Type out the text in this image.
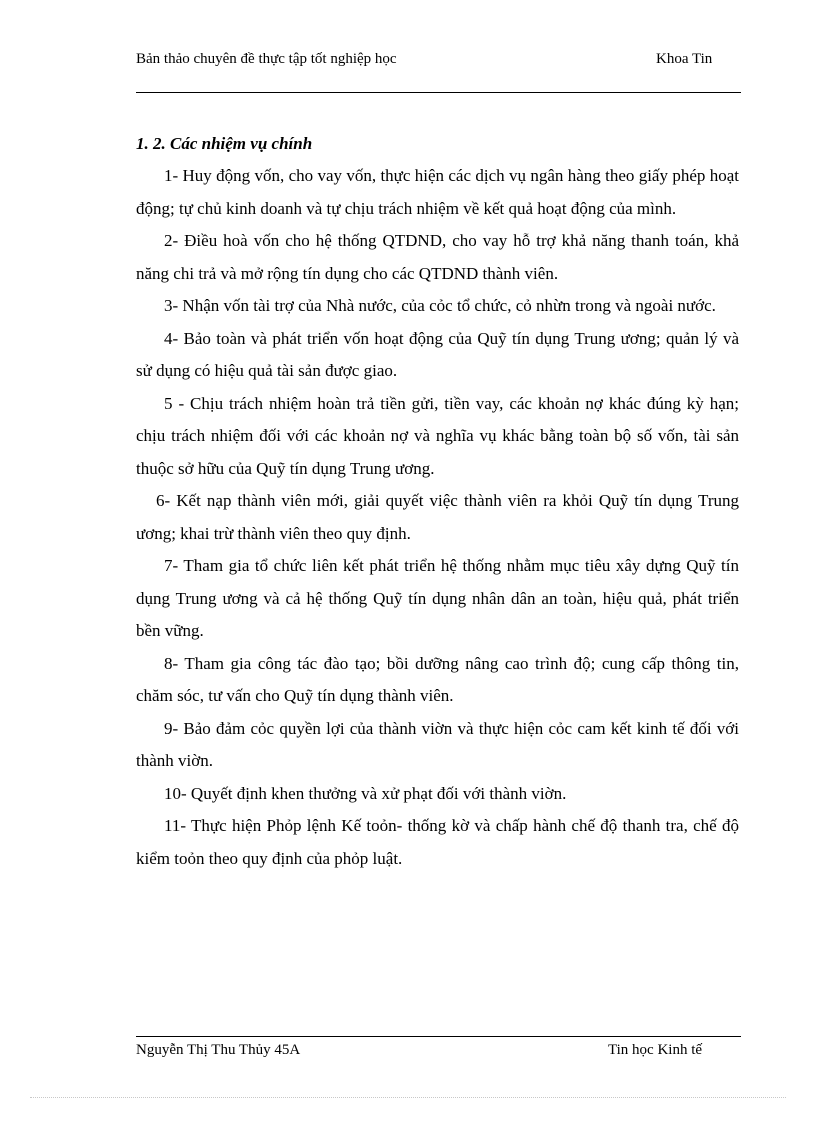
Bản thảo chuyên đề thực tập tốt nghiệp học	Khoa Tin
1. 2. Các nhiệm vụ chính

1- Huy động vốn, cho vay vốn, thực hiện các dịch vụ ngân hàng theo giấy phép hoạt động; tự chủ kinh doanh và tự chịu trách nhiệm về kết quả hoạt động của mình.

2- Điều hoà vốn cho hệ thống QTDND, cho vay hỗ trợ khả năng thanh toán, khả năng chi trả và mở rộng tín dụng cho các QTDND thành viên.

3- Nhận vốn tài trợ của Nhà nước, của cỏc tổ chức, cỏ nhừn trong và ngoài nước.

4- Bảo toàn và phát triển vốn hoạt động của Quỹ tín dụng Trung ương; quản lý và sử dụng có hiệu quả tài sản được giao.

5 - Chịu trách nhiệm hoàn trả tiền gửi, tiền vay, các khoản nợ khác đúng kỳ hạn; chịu trách nhiệm đối với các khoản nợ và nghĩa vụ khác bằng toàn bộ số vốn, tài sản thuộc sở hữu của Quỹ tín dụng Trung ương.

6- Kết nạp thành viên mới, giải quyết việc thành viên ra khỏi Quỹ tín dụng Trung ương; khai trừ thành viên theo quy định.

7- Tham gia tổ chức liên kết phát triển hệ thống nhằm mục tiêu xây dựng Quỹ tín dụng Trung ương và cả hệ thống Quỹ tín dụng nhân dân an toàn, hiệu quả, phát triển bền vững.

8- Tham gia công tác đào tạo; bồi dưỡng nâng cao trình độ; cung cấp thông tin, chăm sóc, tư vấn cho Quỹ tín dụng thành viên.

9- Bảo đảm cỏc quyền lợi của thành viờn và thực hiện cỏc cam kết kinh tế đối với thành viờn.

10- Quyết định khen thưởng và xử phạt đối với thành viờn.

11- Thực hiện Phỏp lệnh Kế toỏn- thống kờ và chấp hành chế độ thanh tra, chế độ kiểm toỏn theo quy định của phỏp luật.

Nguyễn Thị Thu Thủy 45A	Tin học Kinh tế
